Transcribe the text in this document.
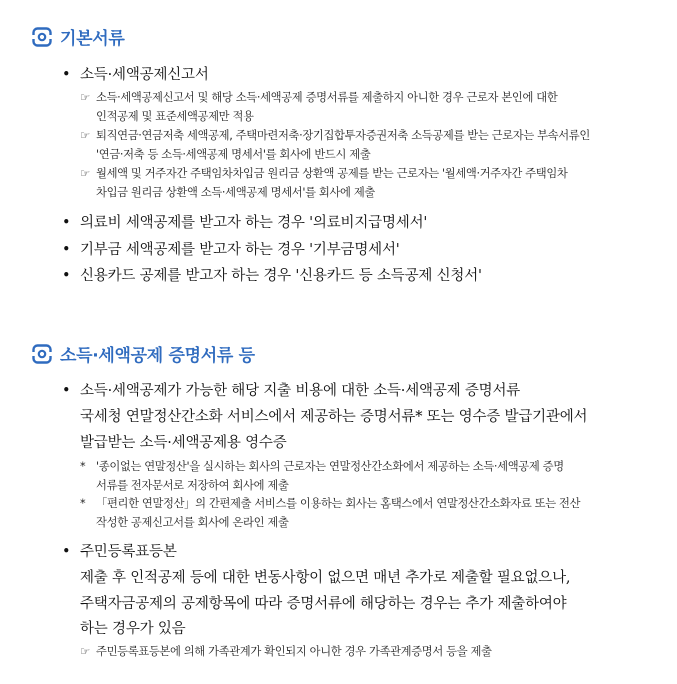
기본서류
• 소득·세액공제신고서
☞ 소득·세액공제신고서 및 해당 소득·세액공제 증명서류를 제출하지 아니한 경우 근로자 본인에 대한
인적공제 및 표준세액공제만 적용
☞ 퇴직연금·연금저축 세액공제, 주택마련저축·장기집합투자증권저축 소득공제를 받는 근로자는 부속서류인
'연금·저축 등 소득·세액공제 명세서'를 회사에 반드시 제출
☞ 월세액 및 거주자간 주택임차차입금 원리금 상환액 공제를 받는 근로자는 '월세액·거주자간 주택임차
차입금 원리금 상환액 소득·세액공제 명세서'를 회사에 제출
• 의료비 세액공제를 받고자 하는 경우 '의료비지급명세서'
• 기부금 세액공제를 받고자 하는 경우 '기부금명세서'
• 신용카드 공제를 받고자 하는 경우 '신용카드 등 소득공제 신청서'
소득·세액공제 증명서류 등
• 소득·세액공제가 가능한 해당 지출 비용에 대한 소득·세액공제 증명서류
국세청 연말정산간소화 서비스에서 제공하는 증명서류* 또는 영수증 발급기관에서
발급받는 소득·세액공제용 영수증
* '종이없는 연말정산'을 실시하는 회사의 근로자는 연말정산간소화에서 제공하는 소득·세액공제 증명
서류를 전자문서로 저장하여 회사에 제출
* 「편리한 연말정산」의 간편제출 서비스를 이용하는 회사는 홈택스에서 연말정산간소화자료 또는 전산
작성한 공제신고서를 회사에 온라인 제출
• 주민등록표등본
제출 후 인적공제 등에 대한 변동사항이 없으면 매년 추가로 제출할 필요없으나,
주택자금공제의 공제항목에 따라 증명서류에 해당하는 경우는 추가 제출하여야
하는 경우가 있음
☞ 주민등록표등본에 의해 가족관계가 확인되지 아니한 경우 가족관계증명서 등을 제출
